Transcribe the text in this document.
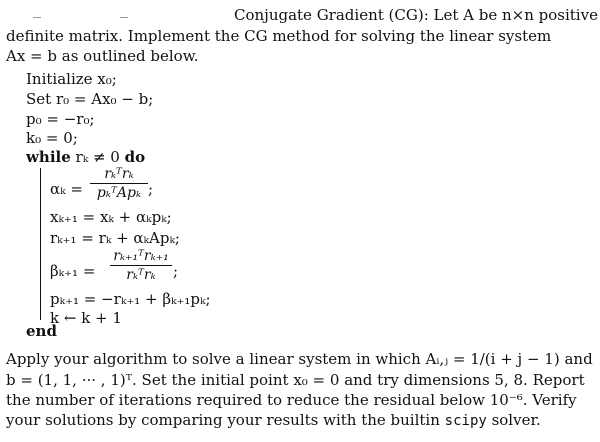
Conjugate Gradient (CG): Let A be n×n positive
definite matrix. Implement the CG method for solving the linear system
Ax = b as outlined below.
Initialize x₀;
Set r₀ = Ax₀ − b;
p₀ = −r₀;
k₀ = 0;
while rₖ ≠ 0 do
αₖ =
rₖᵀrₖ
pₖᵀApₖ ;
xₖ₊₁ = xₖ + αₖpₖ;
rₖ₊₁ = rₖ + αₖApₖ;
βₖ₊₁ =
rₖ₊₁ᵀrₖ₊₁
rₖᵀrₖ	;
pₖ₊₁ = −rₖ₊₁ + βₖ₊₁pₖ;
k ← k + 1
end
Apply your algorithm to solve a linear system in which Aᵢ,ⱼ = 1/(i + j − 1) and
b = (1, 1, ··· , 1)ᵀ. Set the initial point x₀ = 0 and try dimensions 5, 8. Report
the number of iterations required to reduce the residual below 10⁻⁶. Verify
your solutions by comparing your results with the builtin scipy solver.
